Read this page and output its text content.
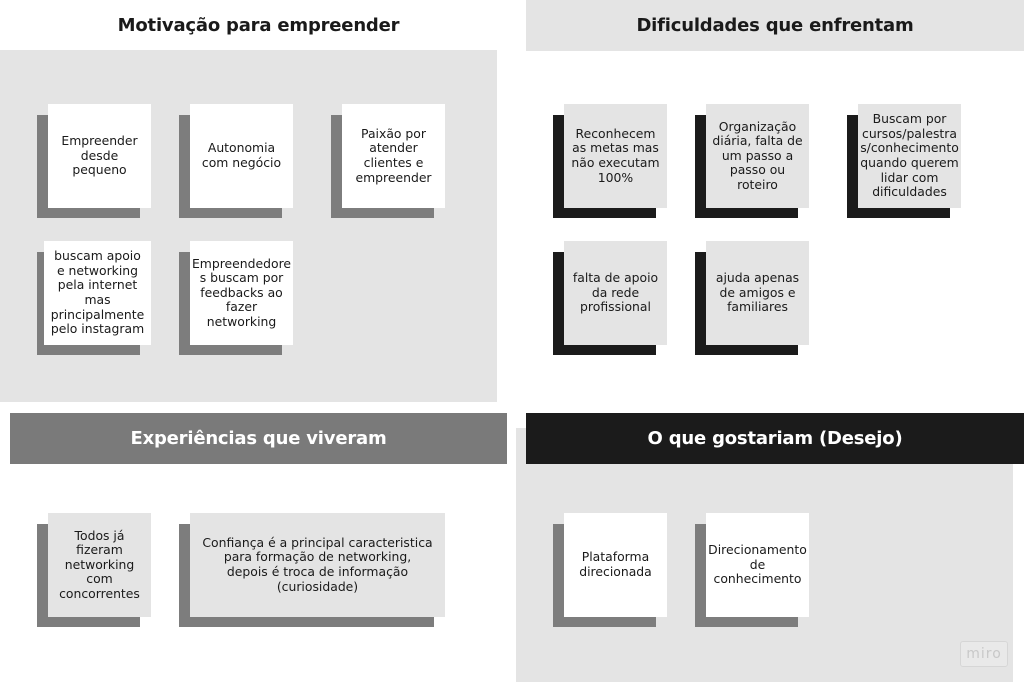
Motivação para empreender
Empreender desde pequeno
Autonomia com negócio
Paixão por atender clientes e empreender
buscam apoio e networking pela internet mas principalmente pelo instagram
Empreendedore s buscam por feedbacks ao fazer networking
Dificuldades que enfrentam
Reconhecem as metas mas não executam 100%
Organização diária, falta de um passo a passo ou roteiro
Buscam por cursos/palestra s/conhecimento quando querem lidar com dificuldades
falta de apoio da rede profissional
ajuda apenas de amigos e familiares
Experiências que viveram
Todos já fizeram networking com concorrentes
Confiança é a principal caracteristica para formação de networking, depois é troca de informação (curiosidade)
O que gostariam (Desejo)
Plataforma direcionada
Direcionamento de conhecimento
miro
